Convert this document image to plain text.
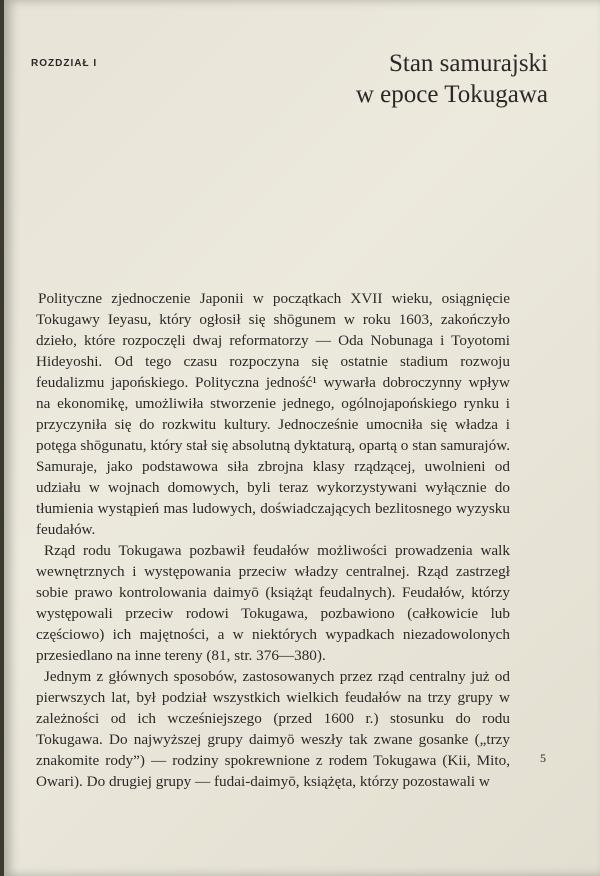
ROZDZIAŁ I	Stan samurajski
w epoce Tokugawa

Polityczne zjednoczenie Japonii w początkach XVII wieku, osiągnięcie Tokugawy Ieyasu, który ogłosił się shōgunem w roku 1603, zakończyło dzieło, które rozpoczęli dwaj reformatorzy — Oda Nobunaga i Toyotomi Hideyoshi. Od tego czasu rozpoczyna się ostatnie stadium rozwoju feudalizmu japońskiego. Polityczna jedność¹ wywarła dobroczynny wpływ na ekonomikę, umożliwiła stworzenie jednego, ogólnojapońskiego rynku i przyczyniła się do rozkwitu kultury. Jednocześnie umocniła się władza i potęga shōgunatu, który stał się absolutną dyktaturą, opartą o stan samurajów. Samuraje, jako podstawowa siła zbrojna klasy rządzącej, uwolnieni od udziału w wojnach domowych, byli teraz wykorzystywani wyłącznie do tłumienia wystąpień mas ludowych, doświadczających bezlitosnego wyzysku feudałów.

Rząd rodu Tokugawa pozbawił feudałów możliwości prowadzenia walk wewnętrznych i występowania przeciw władzy centralnej. Rząd zastrzegł sobie prawo kontrolowania daimyō (książąt feudalnych). Feudałów, którzy występowali przeciw rodowi Tokugawa, pozbawiono (całkowicie lub częściowo) ich majętności, a w niektórych wypadkach niezadowolonych przesiedlano na inne tereny (81, str. 376—380).

Jednym z głównych sposobów, zastosowanych przez rząd centralny już od pierwszych lat, był podział wszystkich wielkich feudałów na trzy grupy w zależności od ich wcześniejszego (przed 1600 r.) stosunku do rodu Tokugawa. Do najwyższej grupy daimyō weszły tak zwane gosanke („trzy znakomite rody”) — rodziny spokrewnione z rodem Tokugawa (Kii, Mito, Owari). Do drugiej grupy — fudai-daimyō, książęta, którzy pozostawali w

5
